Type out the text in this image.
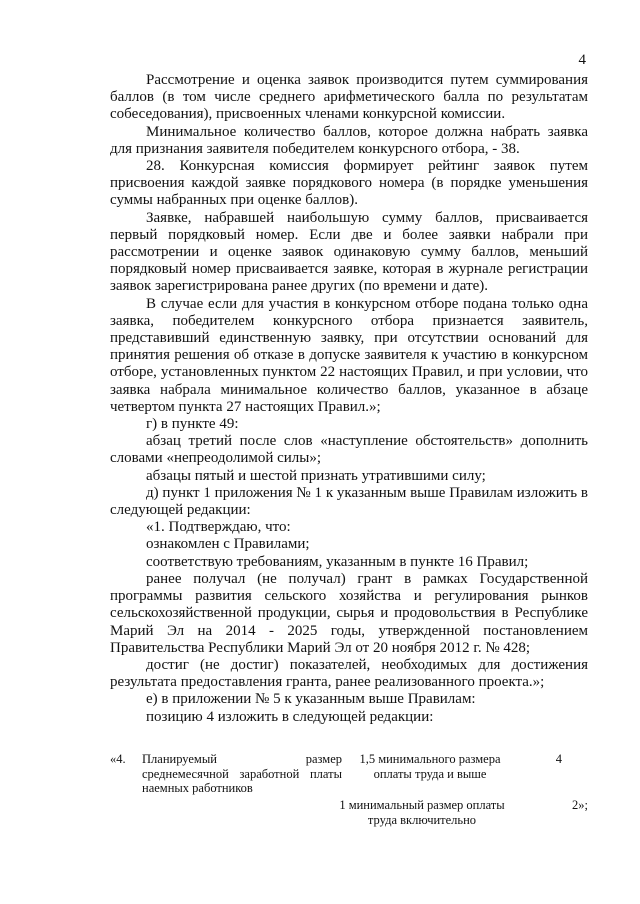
4

Рассмотрение и оценка заявок производится путем суммирования баллов (в том числе среднего арифметического балла по результатам собеседования), присвоенных членами конкурсной комиссии.

Минимальное количество баллов, которое должна набрать заявка для признания заявителя победителем конкурсного отбора, - 38.

28. Конкурсная комиссия формирует рейтинг заявок путем присвоения каждой заявке порядкового номера (в порядке уменьшения суммы набранных при оценке баллов).

Заявке, набравшей наибольшую сумму баллов, присваивается первый порядковый номер. Если две и более заявки набрали при рассмотрении и оценке заявок одинаковую сумму баллов, меньший порядковый номер присваивается заявке, которая в журнале регистрации заявок зарегистрирована ранее других (по времени и дате).

В случае если для участия в конкурсном отборе подана только одна заявка, победителем конкурсного отбора признается заявитель, представивший единственную заявку, при отсутствии оснований для принятия решения об отказе в допуске заявителя к участию в конкурсном отборе, установленных пунктом 22 настоящих Правил, и при условии, что заявка набрала минимальное количество баллов, указанное в абзаце четвертом пункта 27 настоящих Правил.»;

г) в пункте 49:

абзац третий после слов «наступление обстоятельств» дополнить словами «непреодолимой силы»;

абзацы пятый и шестой признать утратившими силу;

д) пункт 1 приложения № 1 к указанным выше Правилам изложить в следующей редакции:

«1. Подтверждаю, что:

ознакомлен с Правилами;

соответствую требованиям, указанным в пункте 16 Правил;

ранее получал (не получал) грант в рамках Государственной программы развития сельского хозяйства и регулирования рынков сельскохозяйственной продукции, сырья и продовольствия в Республике Марий Эл на 2014 - 2025 годы, утвержденной постановлением Правительства Республики Марий Эл от 20 ноября 2012 г. № 428;

достиг (не достиг) показателей, необходимых для достижения результата предоставления гранта, ранее реализованного проекта.»;

е) в приложении № 5 к указанным выше Правилам:

позицию 4 изложить в следующей редакции:

«4. Планируемый	размер
среднемесячной заработной платы наемных работников
1,5 минимального размера оплаты труда и выше
4
1 минимальный размер оплаты труда включительно
2»;
